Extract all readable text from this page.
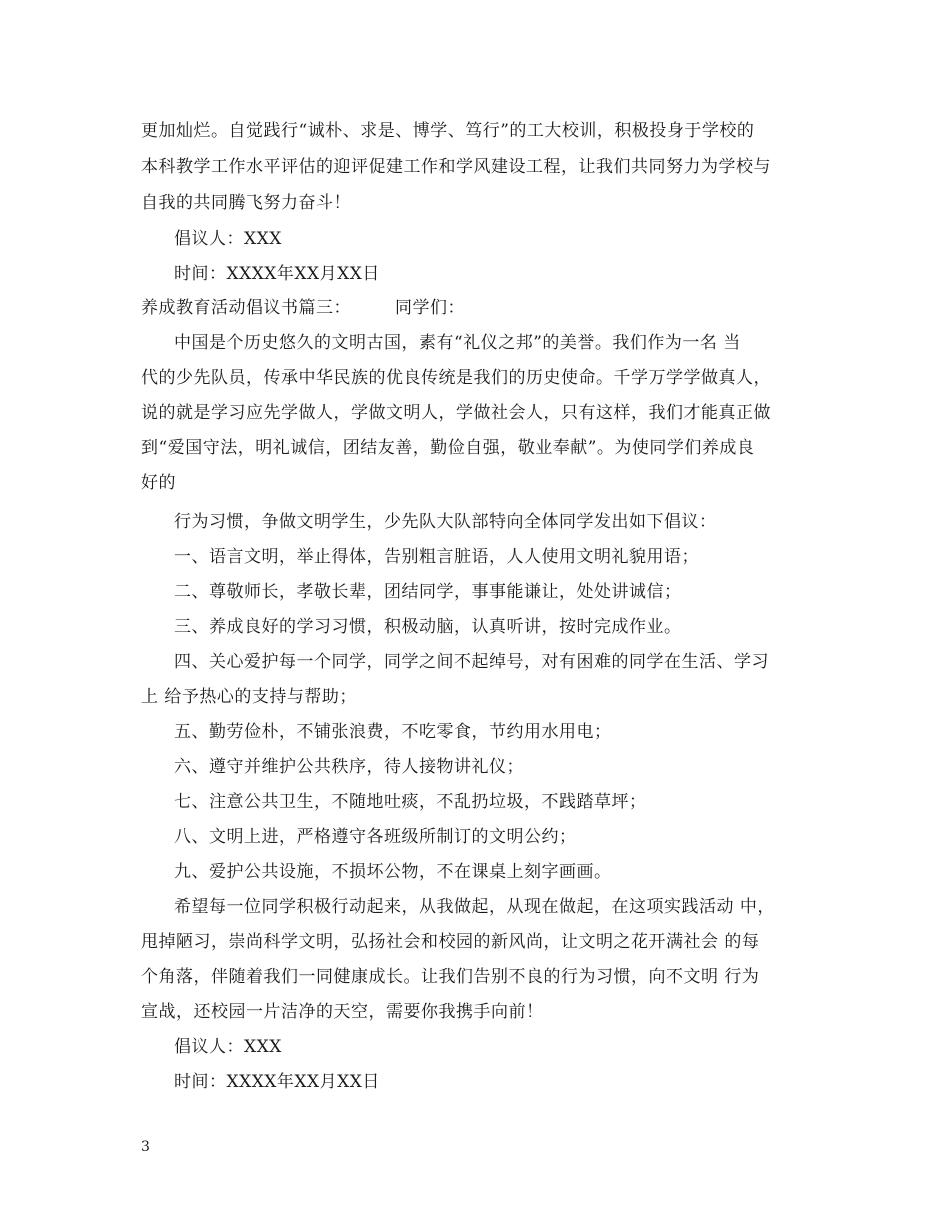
更加灿烂。自觉践行“诚朴、求是、博学、笃行”的工大校训，积极投身于学校的
本科教学工作水平评估的迎评促建工作和学风建设工程，让我们共同努力为学校与
自我的共同腾飞努力奋斗！
倡议人：XXX
时间：XXXX年XX月XX日
养成教育活动倡议书篇三：	同学们：
中国是个历史悠久的文明古国，素有“礼仪之邦”的美誉。我们作为一名 当
代的少先队员，传承中华民族的优良传统是我们的历史使命。千学万学学做真人，
说的就是学习应先学做人，学做文明人，学做社会人，只有这样，我们才能真正做
到“爱国守法，明礼诚信，团结友善，勤俭自强，敬业奉献”。为使同学们养成良
好的
行为习惯，争做文明学生，少先队大队部特向全体同学发出如下倡议：
一、语言文明，举止得体，告别粗言脏语，人人使用文明礼貌用语；
二、尊敬师长，孝敬长辈，团结同学，事事能谦让，处处讲诚信；
三、养成良好的学习习惯，积极动脑，认真听讲，按时完成作业。
四、关心爱护每一个同学，同学之间不起绰号，对有困难的同学在生活、学习
上 给予热心的支持与帮助；
五、勤劳俭朴，不铺张浪费，不吃零食，节约用水用电；
六、遵守并维护公共秩序，待人接物讲礼仪；
七、注意公共卫生，不随地吐痰，不乱扔垃圾，不践踏草坪；
八、文明上进，严格遵守各班级所制订的文明公约；
九、爱护公共设施，不损坏公物，不在课桌上刻字画画。
希望每一位同学积极行动起来，从我做起，从现在做起，在这项实践活动 中，
甩掉陋习，崇尚科学文明，弘扬社会和校园的新风尚，让文明之花开满社会 的每
个角落，伴随着我们一同健康成长。让我们告别不良的行为习惯，向不文明 行为
宣战，还校园一片洁净的天空，需要你我携手向前！
倡议人：XXX
时间：XXXX年XX月XX日
3
